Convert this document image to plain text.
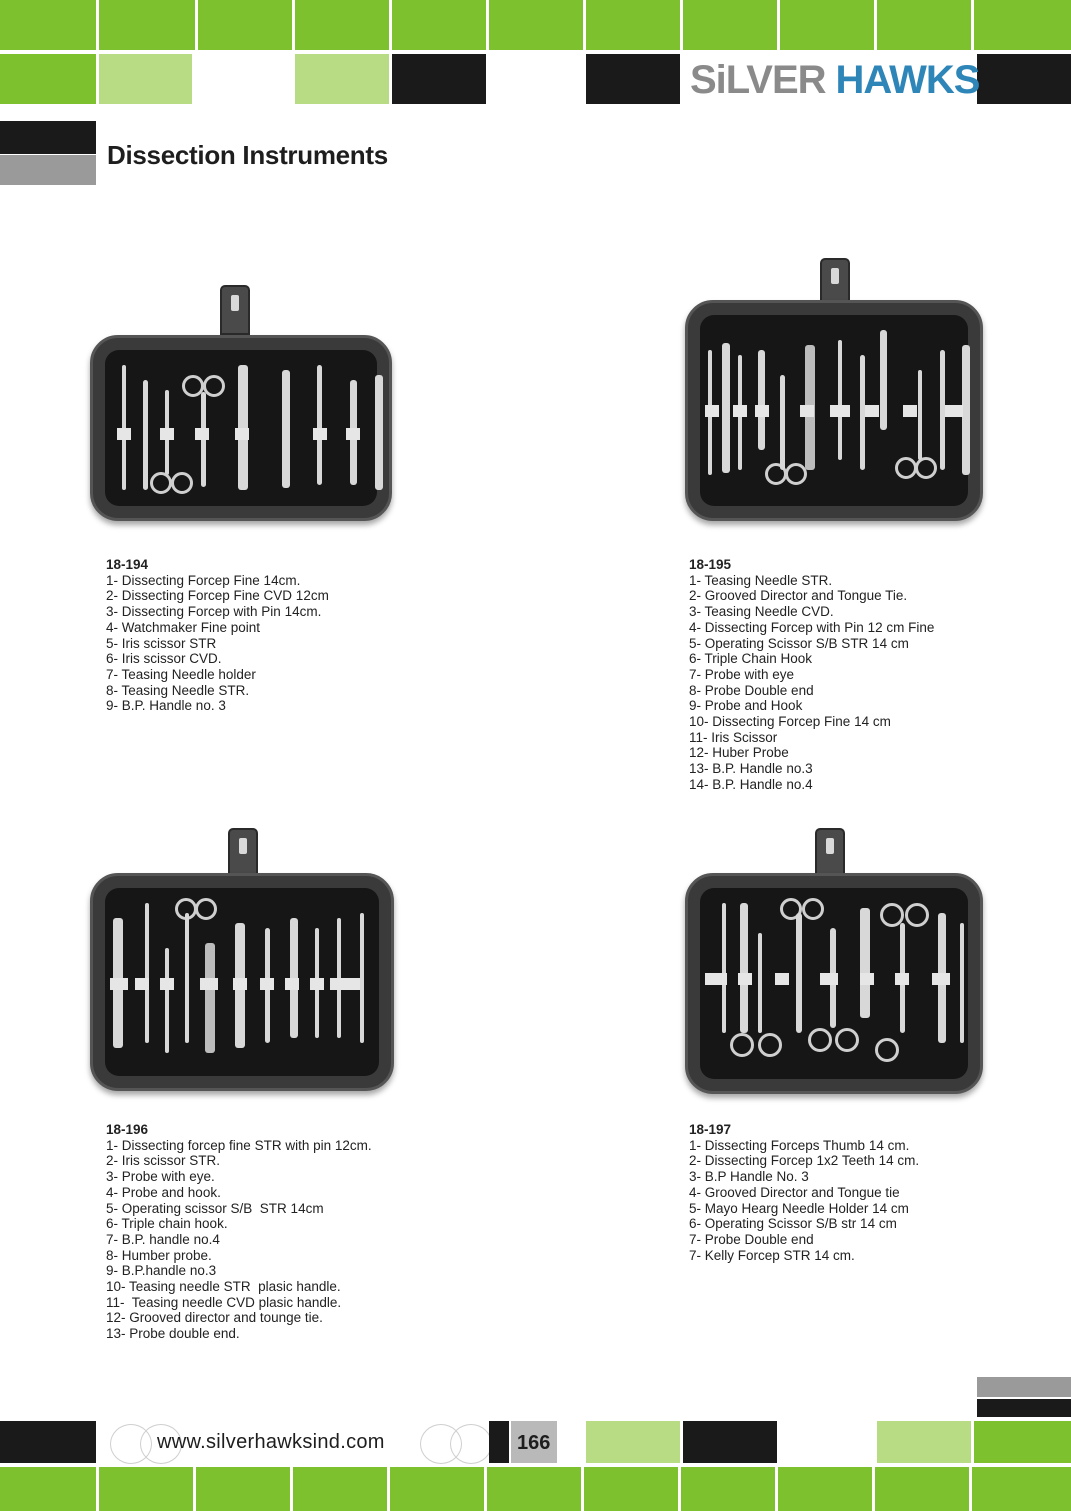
SiLVER HAWKS
Dissection Instruments
18-194
1- Dissecting Forcep Fine 14cm.
2- Dissecting Forcep Fine CVD 12cm
3- Dissecting Forcep with Pin 14cm.
4- Watchmaker Fine point
5- Iris scissor STR
6- Iris scissor CVD.
7- Teasing Needle holder
8- Teasing Needle STR.
9- B.P. Handle no. 3
18-195
1- Teasing Needle STR.
2- Grooved Director and Tongue Tie.
3- Teasing Needle CVD.
4- Dissecting Forcep with Pin 12 cm Fine
5- Operating Scissor S/B STR 14 cm
6- Triple Chain Hook
7- Probe with eye
8- Probe Double end
9- Probe and Hook
10- Dissecting Forcep Fine 14 cm
11- Iris Scissor
12- Huber Probe
13- B.P. Handle no.3
14- B.P. Handle no.4
18-196
1- Dissecting forcep fine STR with pin 12cm.
2- Iris scissor STR.
3- Probe with eye.
4- Probe and hook.
5- Operating scissor S/B  STR 14cm
6- Triple chain hook.
7- B.P. handle no.4
8- Humber probe.
9- B.P.handle no.3
10- Teasing needle STR  plasic handle.
11-  Teasing needle CVD plasic handle.
12- Grooved director and tounge tie.
13- Probe double end.
18-197
1- Dissecting Forceps Thumb 14 cm.
2- Dissecting Forcep 1x2 Teeth 14 cm.
3- B.P Handle No. 3
4- Grooved Director and Tongue tie
5- Mayo Hearg Needle Holder 14 cm
6- Operating Scissor S/B str 14 cm
7- Probe Double end
7- Kelly Forcep STR 14 cm.
www.silverhawksind.com	166
